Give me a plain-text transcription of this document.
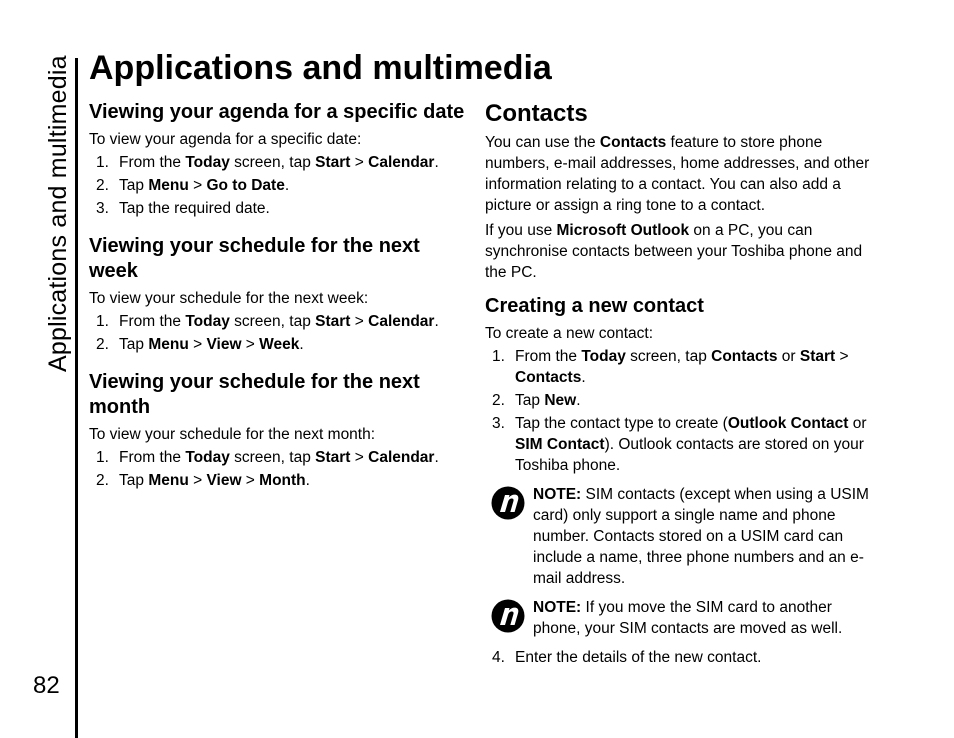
Applications and multimedia
82
Applications and multimedia
Viewing your agenda for a specific date
To view your agenda for a specific date:
1. From the Today screen, tap Start > Calendar.
2. Tap Menu > Go to Date.
3. Tap the required date.
Viewing your schedule for the next week
To view your schedule for the next week:
1. From the Today screen, tap Start > Calendar.
2. Tap Menu > View > Week.
Viewing your schedule for the next month
To view your schedule for the next month:
1. From the Today screen, tap Start > Calendar.
2. Tap Menu > View > Month.
Contacts
You can use the Contacts feature to store phone numbers, e-mail addresses, home addresses, and other information relating to a contact. You can also add a picture or assign a ring tone to a contact.
If you use Microsoft Outlook on a PC, you can synchronise contacts between your Toshiba phone and the PC.
Creating a new contact
To create a new contact:
1. From the Today screen, tap Contacts or Start > Contacts.
2. Tap New.
3. Tap the contact type to create (Outlook Contact or SIM Contact). Outlook contacts are stored on your Toshiba phone.
NOTE: SIM contacts (except when using a USIM card) only support a single name and phone number. Contacts stored on a USIM card can include a name, three phone numbers and an e-mail address.
NOTE: If you move the SIM card to another phone, your SIM contacts are moved as well.
4. Enter the details of the new contact.
